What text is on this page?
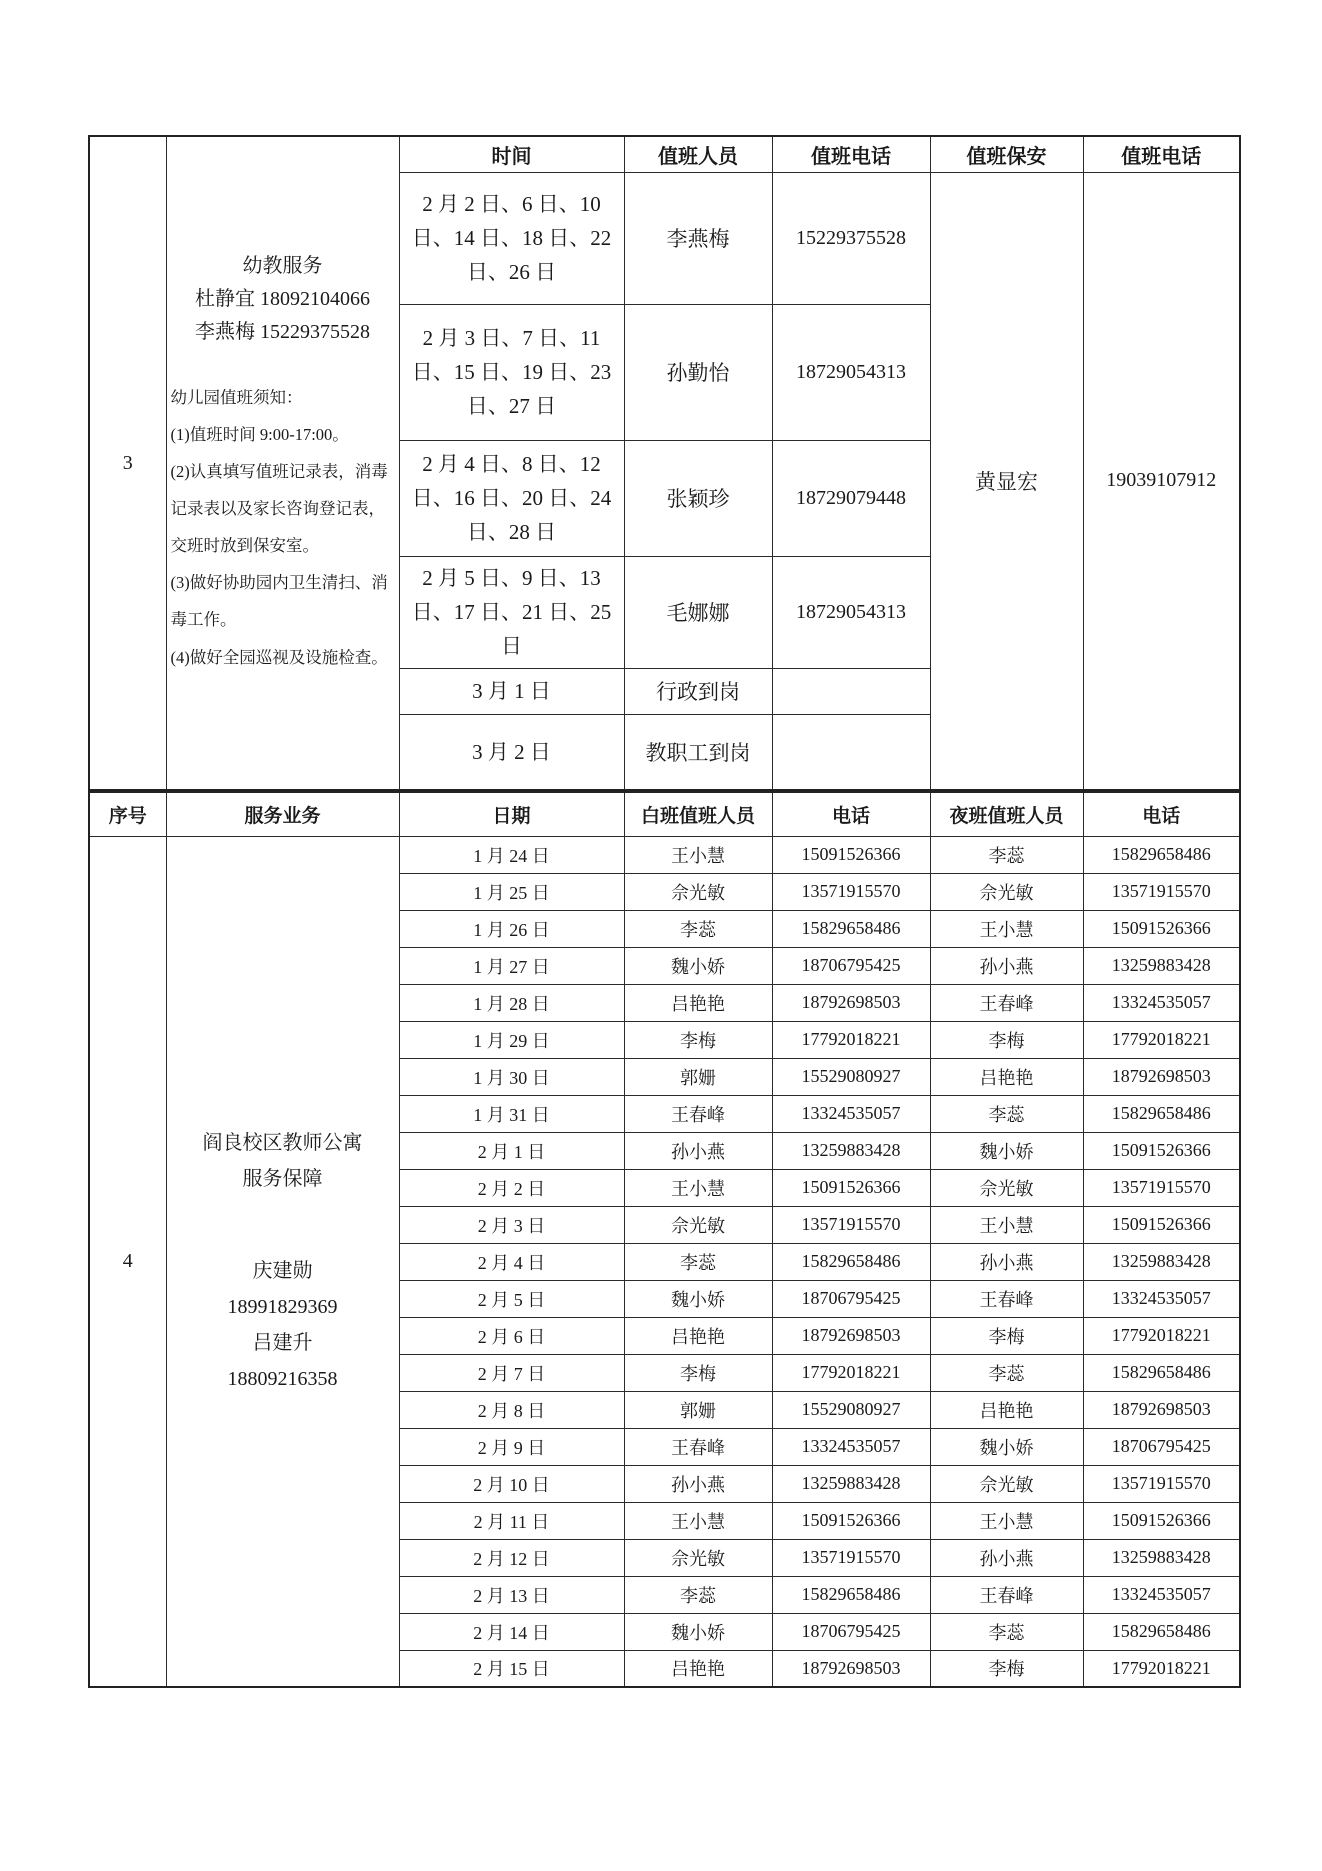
3	
幼教服务
杜静宜 18092104066
李燕梅 15229375528
幼儿园值班须知：
(1)值班时间 9:00-17:00。
(2)认真填写值班记录表，消毒记录表以及家长咨询登记表，交班时放到保安室。
(3)做好协助园内卫生清扫、消毒工作。
(4)做好全园巡视及设施检查。
	时间	值班人员	值班电话	值班保安	值班电话
		2 月 2 日、6 日、10 日、14 日、18 日、22 日、26 日	李燕梅	15229375528	黄显宏	19039107912
		2 月 3 日、7 日、11 日、15 日、19 日、23 日、27 日	孙勤怡	18729054313		
		2 月 4 日、8 日、12 日、16 日、20 日、24 日、28 日	张颖珍	18729079448		
		2 月 5 日、9 日、13 日、17 日、21 日、25 日	毛娜娜	18729054313		
		3 月 1 日	行政到岗			
		3 月 2 日	教职工到岗			
序号	服务业务	日期	白班值班人员	电话	夜班值班人员	电话
4	
阎良校区教师公寓
服务保障
庆建勋
18991829369
吕建升
18809216358
	1 月 24 日	王小慧	15091526366	李蕊	15829658486
		1 月 25 日	佘光敏	13571915570	佘光敏	13571915570
		1 月 26 日	李蕊	15829658486	王小慧	15091526366
		1 月 27 日	魏小娇	18706795425	孙小燕	13259883428
		1 月 28 日	吕艳艳	18792698503	王春峰	13324535057
		1 月 29 日	李梅	17792018221	李梅	17792018221
		1 月 30 日	郭姗	15529080927	吕艳艳	18792698503
		1 月 31 日	王春峰	13324535057	李蕊	15829658486
		2 月 1 日	孙小燕	13259883428	魏小娇	15091526366
		2 月 2 日	王小慧	15091526366	佘光敏	13571915570
		2 月 3 日	佘光敏	13571915570	王小慧	15091526366
		2 月 4 日	李蕊	15829658486	孙小燕	13259883428
		2 月 5 日	魏小娇	18706795425	王春峰	13324535057
		2 月 6 日	吕艳艳	18792698503	李梅	17792018221
		2 月 7 日	李梅	17792018221	李蕊	15829658486
		2 月 8 日	郭姗	15529080927	吕艳艳	18792698503
		2 月 9 日	王春峰	13324535057	魏小娇	18706795425
		2 月 10 日	孙小燕	13259883428	佘光敏	13571915570
		2 月 11 日	王小慧	15091526366	王小慧	15091526366
		2 月 12 日	佘光敏	13571915570	孙小燕	13259883428
		2 月 13 日	李蕊	15829658486	王春峰	13324535057
		2 月 14 日	魏小娇	18706795425	李蕊	15829658486
		2 月 15 日	吕艳艳	18792698503	李梅	17792018221
